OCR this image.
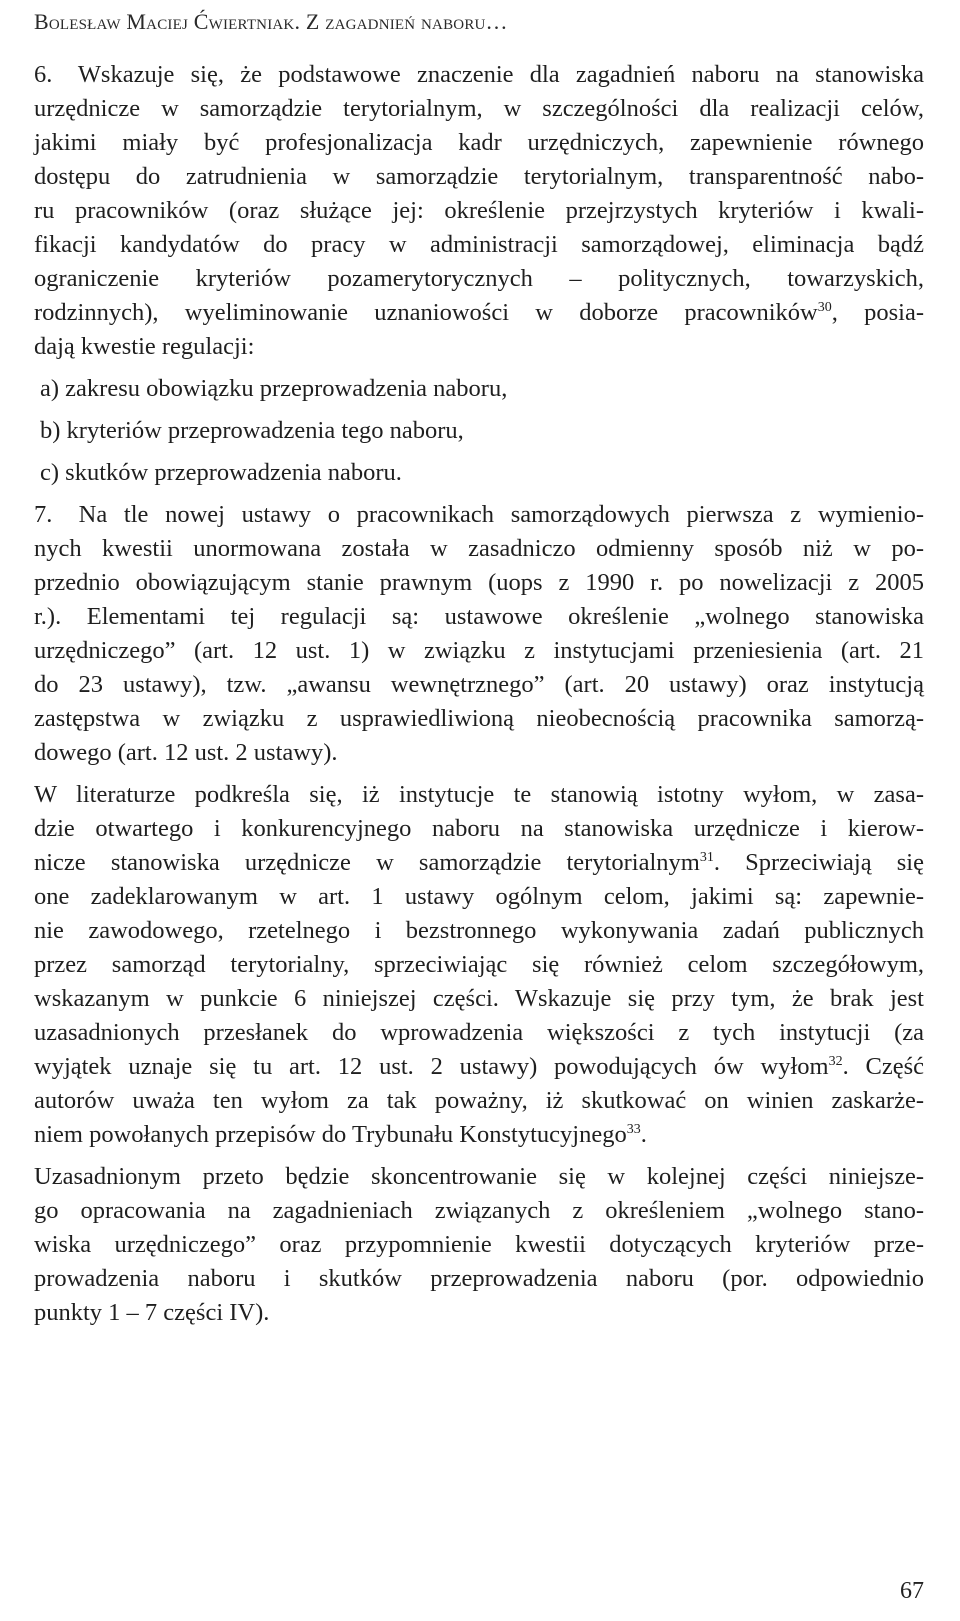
Bolesław Maciej Ćwiertniak. Z zagadnień naboru…
6. Wskazuje się, że podstawowe znaczenie dla zagadnień naboru na stanowiska
urzędnicze w samorządzie terytorialnym, w szczególności dla realizacji celów,
jakimi miały być profesjonalizacja kadr urzędniczych, zapewnienie równego
dostępu do zatrudnienia w samorządzie terytorialnym, transparentność nabo-
ru pracowników (oraz służące jej: określenie przejrzystych kryteriów i kwali-
fikacji kandydatów do pracy w administracji samorządowej, eliminacja bądź
ograniczenie kryteriów pozamerytorycznych – politycznych, towarzyskich,
rodzinnych), wyeliminowanie uznaniowości w doborze pracowników$^{30}$, posia-
dają kwestie regulacji:
a) zakresu obowiązku przeprowadzenia naboru,
b) kryteriów przeprowadzenia tego naboru,
c) skutków przeprowadzenia naboru.
7. Na tle nowej ustawy o pracownikach samorządowych pierwsza z wymienio-
nych kwestii unormowana została w zasadniczo odmienny sposób niż w po-
przednio obowiązującym stanie prawnym (uops z 1990 r. po nowelizacji z 2005
r.). Elementami tej regulacji są: ustawowe określenie „wolnego stanowiska
urzędniczego” (art. 12 ust. 1) w związku z instytucjami przeniesienia (art. 21
do 23 ustawy), tzw. „awansu wewnętrznego” (art. 20 ustawy) oraz instytucją
zastępstwa w związku z usprawiedliwioną nieobecnością pracownika samorzą-
dowego (art. 12 ust. 2 ustawy).
W literaturze podkreśla się, iż instytucje te stanowią istotny wyłom, w zasa-
dzie otwartego i konkurencyjnego naboru na stanowiska urzędnicze i kierow-
nicze stanowiska urzędnicze w samorządzie terytorialnym$^{31}$. Sprzeciwiają się
one zadeklarowanym w art. 1 ustawy ogólnym celom, jakimi są: zapewnie-
nie zawodowego, rzetelnego i bezstronnego wykonywania zadań publicznych
przez samorząd terytorialny, sprzeciwiając się również celom szczegółowym,
wskazanym w punkcie 6 niniejszej części. Wskazuje się przy tym, że brak jest
uzasadnionych przesłanek do wprowadzenia większości z tych instytucji (za
wyjątek uznaje się tu art. 12 ust. 2 ustawy) powodujących ów wyłom$^{32}$. Część
autorów uważa ten wyłom za tak poważny, iż skutkować on winien zaskarże-
niem powołanych przepisów do Trybunału Konstytucyjnego$^{33}$.
Uzasadnionym przeto będzie skoncentrowanie się w kolejnej części niniejsze-
go opracowania na zagadnieniach związanych z określeniem „wolnego stano-
wiska urzędniczego” oraz przypomnienie kwestii dotyczących kryteriów prze-
prowadzenia naboru i skutków przeprowadzenia naboru (por. odpowiednio
punkty 1 – 7 części IV).
67
